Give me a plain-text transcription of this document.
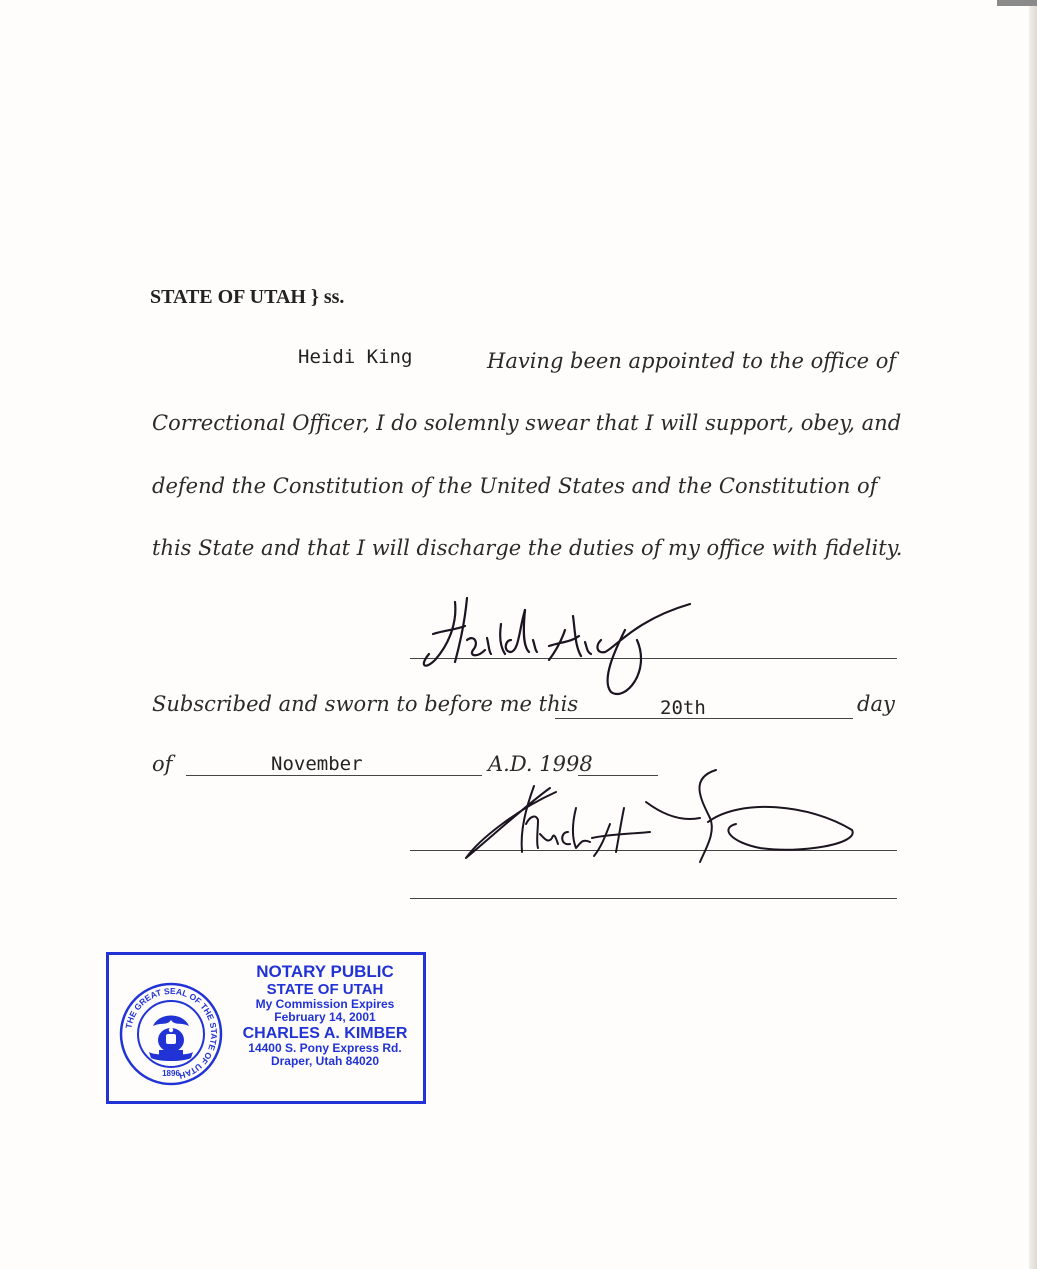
STATE OF UTAH } ss.
Heidi King	Having been appointed to the office of
Correctional Officer, I do solemnly swear that I will support, obey, and
defend the Constitution of the United States and the Constitution of
this State and that I will discharge the duties of my office with fidelity.
Subscribed and sworn to before me this	20th	day
of	November	A.D. 1998
THE GREAT SEAL OF THE STATE OF UTAH
1896
NOTARY PUBLIC
STATE OF UTAH
My Commission Expires
February 14, 2001
CHARLES A. KIMBER
14400 S. Pony Express Rd.
Draper, Utah 84020
